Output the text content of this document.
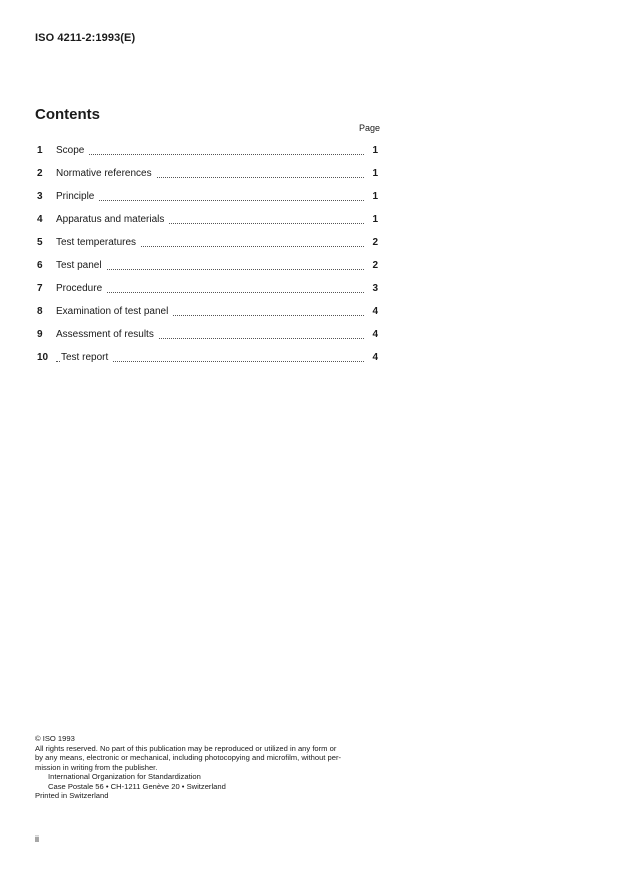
ISO 4211-2:1993(E)
Contents
Page
1 Scope	1
2 Normative references	1
3 Principle	1
4 Apparatus and materials	1
5 Test temperatures	2
6 Test panel	2
7 Procedure	3
8 Examination of test panel	4
9 Assessment of results	4
10 Test report	4

© ISO 1993

All rights reserved. No part of this publication may be reproduced or utilized in any form or

by any means, electronic or mechanical, including photocopying and microfilm, without per-

mission in writing from the publisher.

International Organization for Standardization

Case Postale 56 • CH-1211 Genève 20 • Switzerland

Printed in Switzerland

ii
